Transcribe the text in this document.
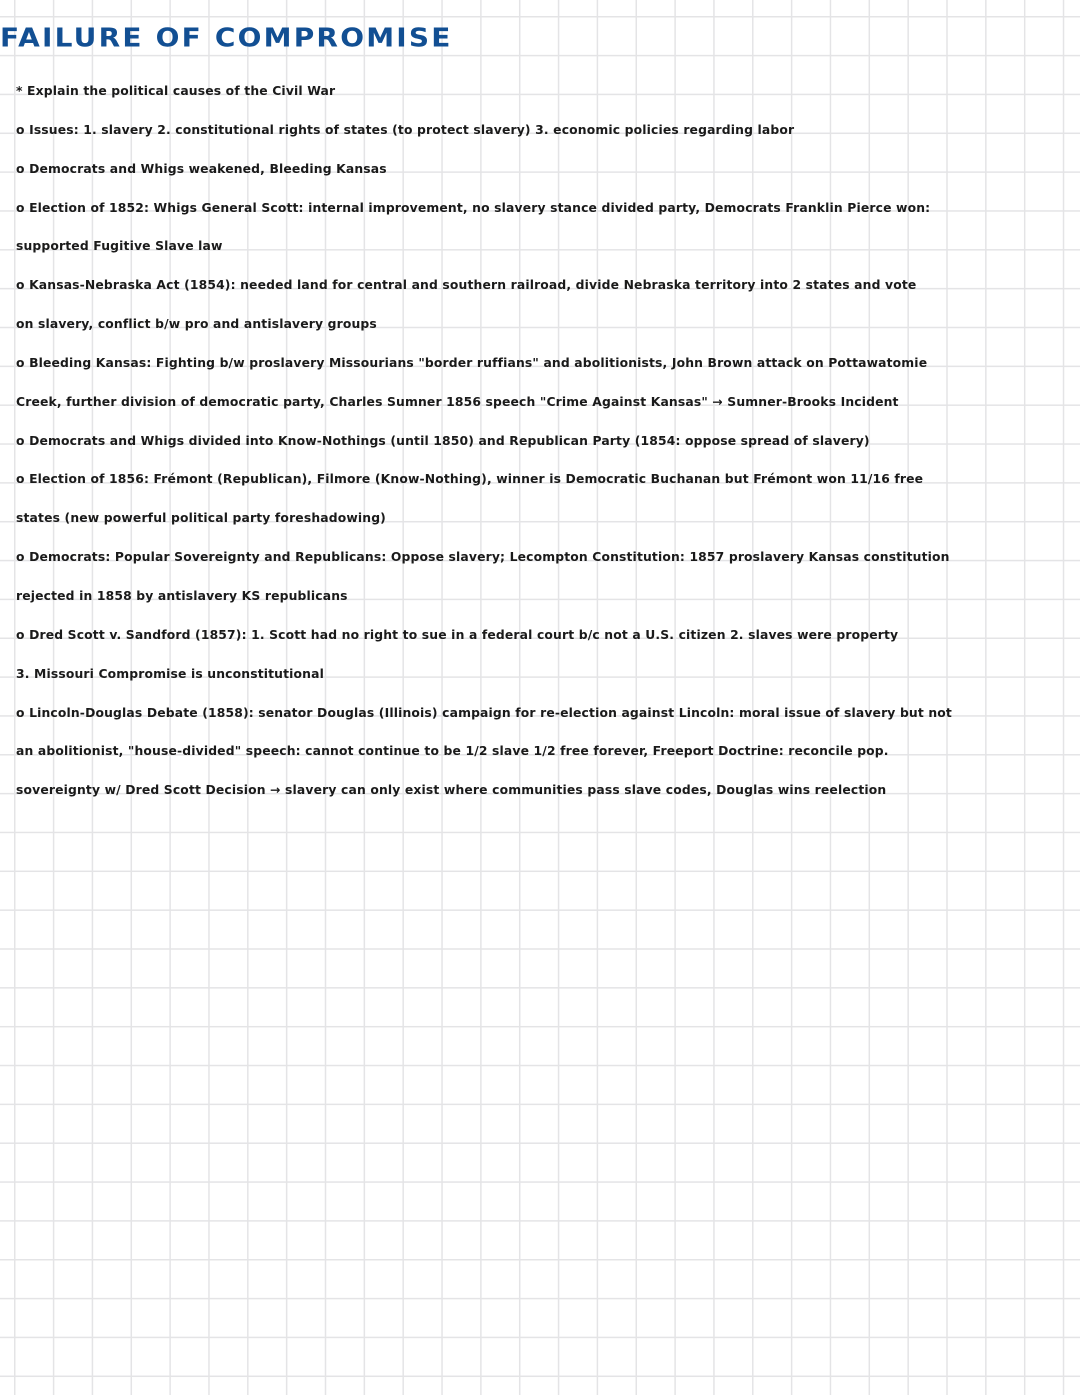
FAILURE OF COMPROMISE
* Explain the political causes of the Civil War
o Issues: 1. slavery 2. constitutional rights of states (to protect slavery) 3. economic policies regarding labor
o Democrats and Whigs weakened, Bleeding Kansas
o Election of 1852: Whigs General Scott: internal improvement, no slavery stance divided party, Democrats Franklin Pierce won:
supported Fugitive Slave law
o Kansas-Nebraska Act (1854): needed land for central and southern railroad, divide Nebraska territory into 2 states and vote
on slavery, conflict b/w pro and antislavery groups
o Bleeding Kansas: Fighting b/w proslavery Missourians "border ruffians" and abolitionists, John Brown attack on Pottawatomie
Creek, further division of democratic party, Charles Sumner 1856 speech "Crime Against Kansas" → Sumner-Brooks Incident
o Democrats and Whigs divided into Know-Nothings (until 1850) and Republican Party (1854: oppose spread of slavery)
o Election of 1856: Frémont (Republican), Filmore (Know-Nothing), winner is Democratic Buchanan but Frémont won 11/16 free
states (new powerful political party foreshadowing)
o Democrats: Popular Sovereignty and Republicans: Oppose slavery; Lecompton Constitution: 1857 proslavery Kansas constitution
rejected in 1858 by antislavery KS republicans
o Dred Scott v. Sandford (1857): 1. Scott had no right to sue in a federal court b/c not a U.S. citizen 2. slaves were property
3. Missouri Compromise is unconstitutional
o Lincoln-Douglas Debate (1858): senator Douglas (Illinois) campaign for re-election against Lincoln: moral issue of slavery but not
an abolitionist, "house-divided" speech: cannot continue to be 1/2 slave 1/2 free forever, Freeport Doctrine: reconcile pop.
sovereignty w/ Dred Scott Decision → slavery can only exist where communities pass slave codes, Douglas wins reelection
